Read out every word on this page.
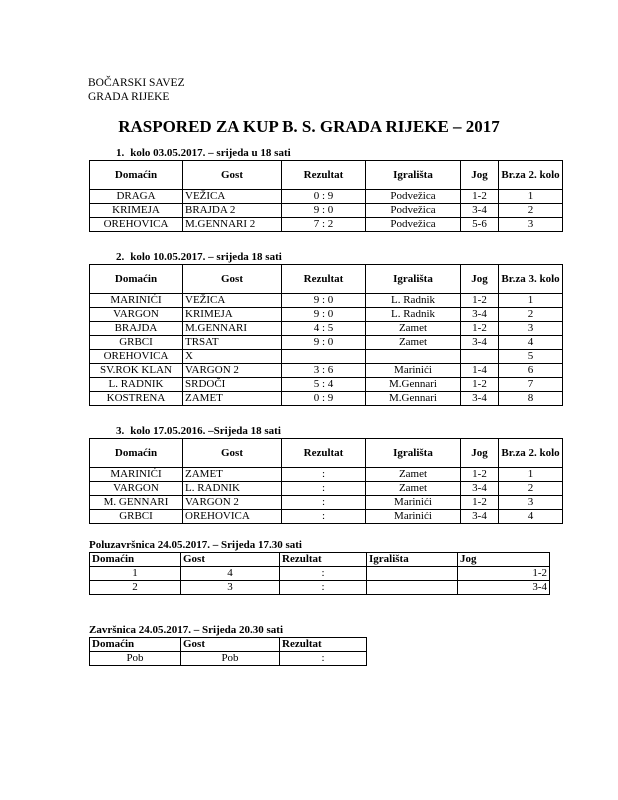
BOČARSKI SAVEZ
GRADA RIJEKE
RASPORED ZA KUP B. S. GRADA RIJEKE – 2017
1. kolo 03.05.2017. – srijeda u 18 sati
Domaćin	Gost	Rezultat	Igrališta	Jog	Br.za 2. kolo
DRAGA	VEŽICA	0 : 9	Podvežica	1-2	1
KRIMEJA	BRAJDA 2	9 : 0	Podvežica	3-4	2
OREHOVICA	M.GENNARI 2	7 : 2	Podvežica	5-6	3
2. kolo 10.05.2017. – srijeda 18 sati
Domaćin	Gost	Rezultat	Igrališta	Jog	Br.za 3. kolo
MARINIĆI	VEŽICA	9 : 0	L. Radnik	1-2	1
VARGON	KRIMEJA	9 : 0	L. Radnik	3-4	2
BRAJDA	M.GENNARI	4 : 5	Zamet	1-2	3
GRBCI	TRSAT	9 : 0	Zamet	3-4	4
OREHOVICA	X				5
SV.ROK KLAN	VARGON 2	3 : 6	Marinići	1-4	6
L. RADNIK	SRDOČI	5 : 4	M.Gennari	1-2	7
KOSTRENA	ZAMET	0 : 9	M.Gennari	3-4	8
3. kolo 17.05.2016. –Srijeda 18 sati
Domaćin	Gost	Rezultat	Igrališta	Jog	Br.za 2. kolo
MARINIĆI	ZAMET	:	Zamet	1-2	1
VARGON	L. RADNIK	:	Zamet	3-4	2
M. GENNARI	VARGON 2	:	Marinići	1-2	3
GRBCI	OREHOVICA	:	Marinići	3-4	4
Poluzavršnica 24.05.2017. – Srijeda 17.30 sati
Domaćin	Gost	Rezultat	Igrališta	Jog
1	4	:		1-2
2	3	:		3-4
Završnica 24.05.2017. – Srijeda 20.30 sati
Domaćin	Gost	Rezultat
Pob	Pob	:
